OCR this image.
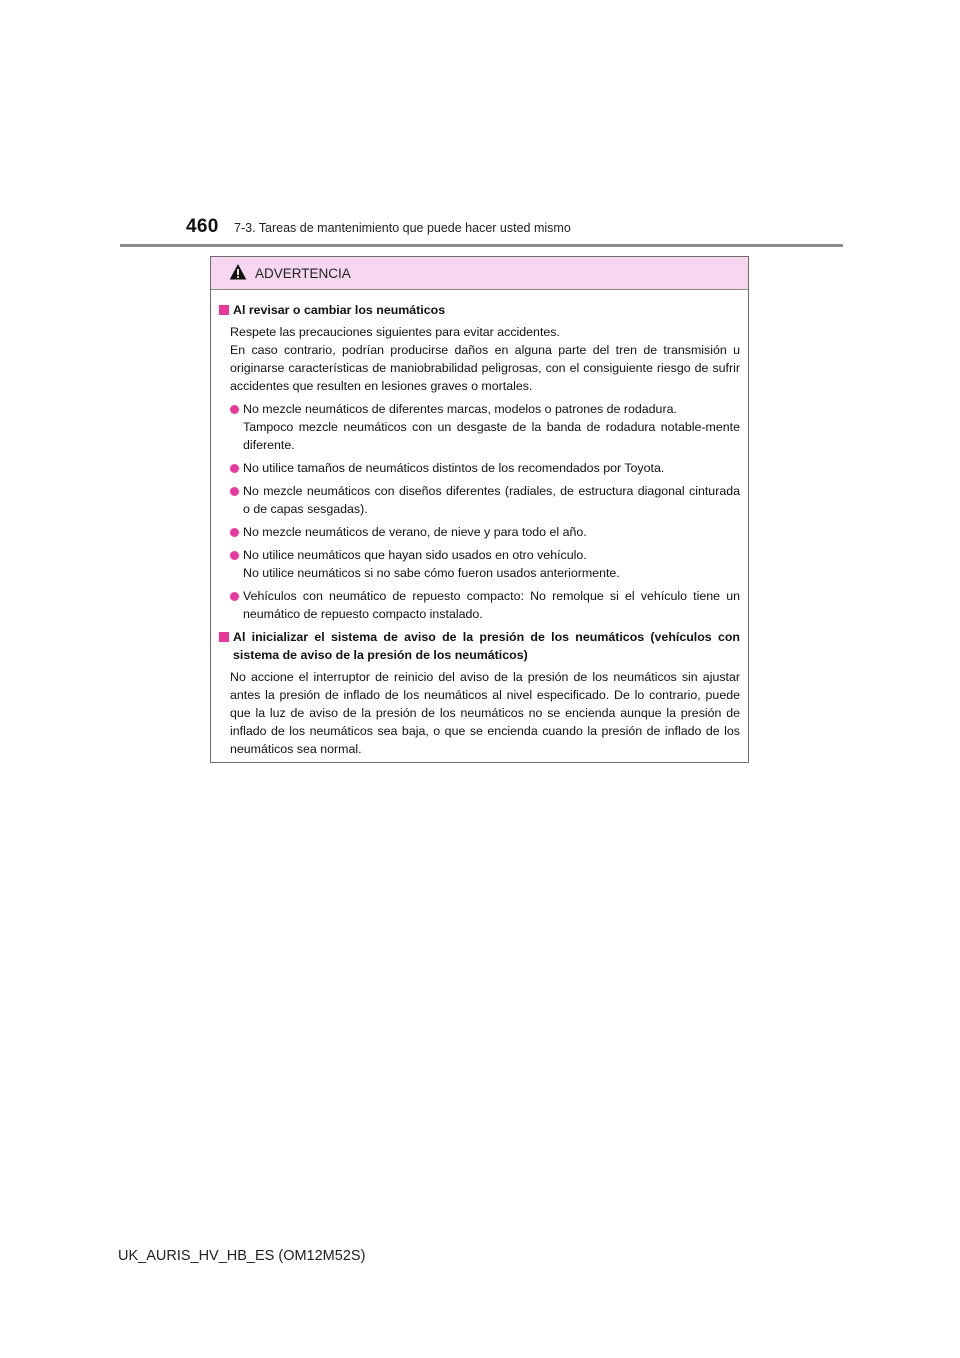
460 7-3. Tareas de mantenimiento que puede hacer usted mismo
ADVERTENCIA
Al revisar o cambiar los neumáticos
Respete las precauciones siguientes para evitar accidentes.
En caso contrario, podrían producirse daños en alguna parte del tren de transmisión u originarse características de maniobrabilidad peligrosas, con el consiguiente riesgo de sufrir accidentes que resulten en lesiones graves o mortales.
No mezcle neumáticos de diferentes marcas, modelos o patrones de rodadura.
Tampoco mezcle neumáticos con un desgaste de la banda de rodadura notable-mente diferente.
No utilice tamaños de neumáticos distintos de los recomendados por Toyota.
No mezcle neumáticos con diseños diferentes (radiales, de estructura diagonal cinturada o de capas sesgadas).
No mezcle neumáticos de verano, de nieve y para todo el año.
No utilice neumáticos que hayan sido usados en otro vehículo.
No utilice neumáticos si no sabe cómo fueron usados anteriormente.
Vehículos con neumático de repuesto compacto: No remolque si el vehículo tiene un neumático de repuesto compacto instalado.
Al inicializar el sistema de aviso de la presión de los neumáticos (vehículos con sistema de aviso de la presión de los neumáticos)
No accione el interruptor de reinicio del aviso de la presión de los neumáticos sin ajustar antes la presión de inflado de los neumáticos al nivel especificado. De lo contrario, puede que la luz de aviso de la presión de los neumáticos no se encienda aunque la presión de inflado de los neumáticos sea baja, o que se encienda cuando la presión de inflado de los neumáticos sea normal.
UK_AURIS_HV_HB_ES (OM12M52S)
